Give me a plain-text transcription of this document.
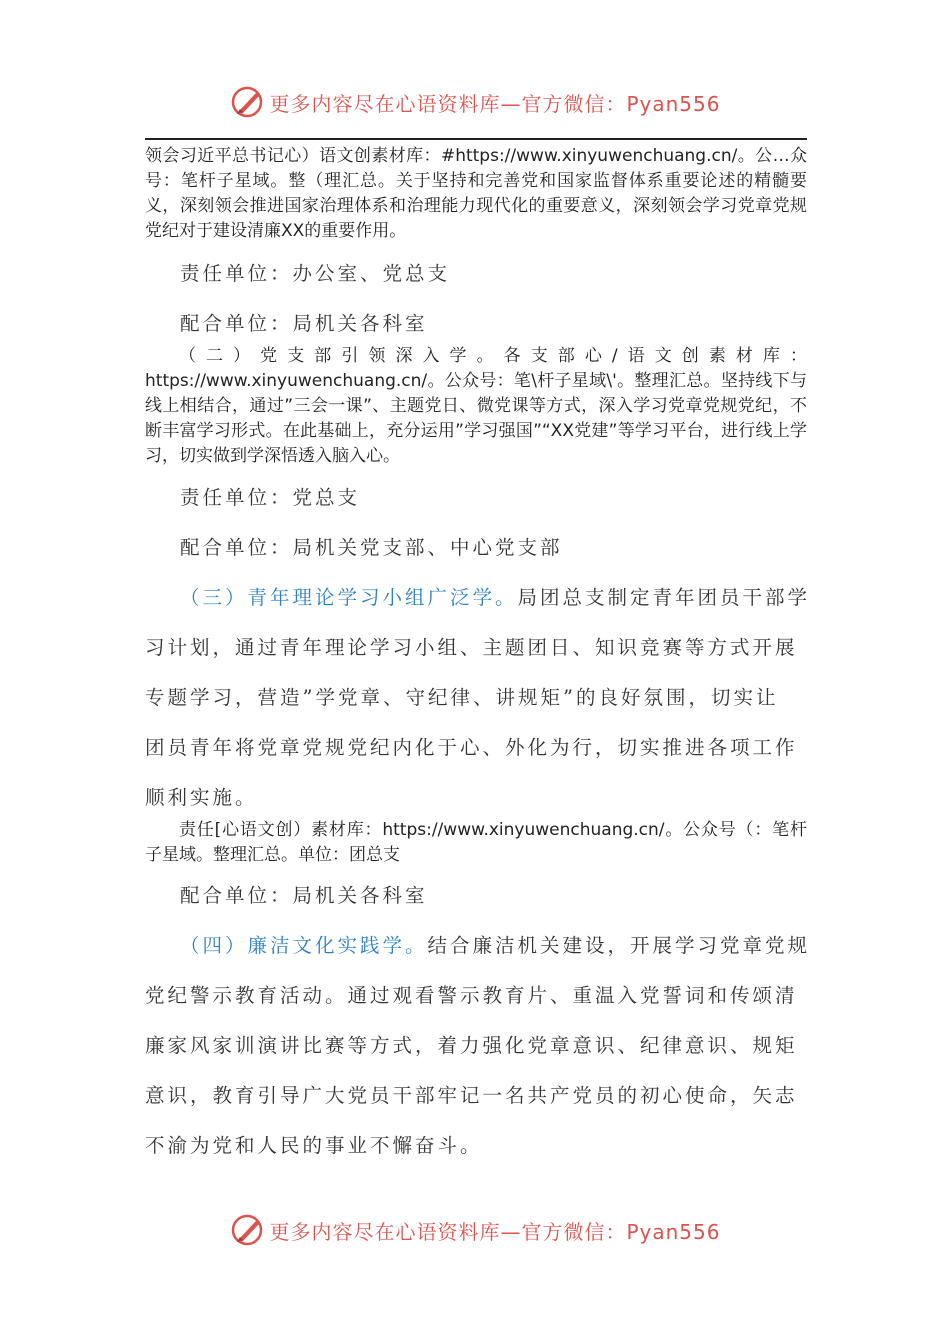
更多内容尽在心语资料库—官方微信：Pyan556

领会习近平总书记心）语文创素材库：#https://www.xinyuwenchuang.cn/。公…众号：笔杆子星域。整（理汇总。关于坚持和完善党和国家监督体系重要论述的精髓要义，深刻领会推进国家治理体系和治理能力现代化的重要意义，深刻领会学习党章党规党纪对于建设清廉XX的重要作用。

责任单位：办公室、党总支

配合单位：局机关各科室

（二）党支部引领深入学。各支部心/语文创素材库：https://www.xinyuwenchuang.cn/。公众号：笔\杆子星域\'。整理汇总。坚持线下与线上相结合，通过”三会一课”、主题党日、微党课等方式，深入学习党章党规党纪，不断丰富学习形式。在此基础上，充分运用”学习强国”“XX党建”等学习平台，进行线上学习，切实做到学深悟透入脑入心。

责任单位：党总支

配合单位：局机关党支部、中心党支部

（三）青年理论学习小组广泛学。局团总支制定青年团员干部学

习计划，通过青年理论学习小组、主题团日、知识竞赛等方式开展

专题学习，营造”学党章、守纪律、讲规矩”的良好氛围，切实让

团员青年将党章党规党纪内化于心、外化为行，切实推进各项工作

顺利实施。

责任[心语文创）素材库：https://www.xinyuwenchuang.cn/。公众号（：笔杆子星域。整理汇总。单位：团总支

配合单位：局机关各科室

（四）廉洁文化实践学。结合廉洁机关建设，开展学习党章党规

党纪警示教育活动。通过观看警示教育片、重温入党誓词和传颂清

廉家风家训演讲比赛等方式，着力强化党章意识、纪律意识、规矩

意识，教育引导广大党员干部牢记一名共产党员的初心使命，矢志

不渝为党和人民的事业不懈奋斗。

更多内容尽在心语资料库—官方微信：Pyan556
